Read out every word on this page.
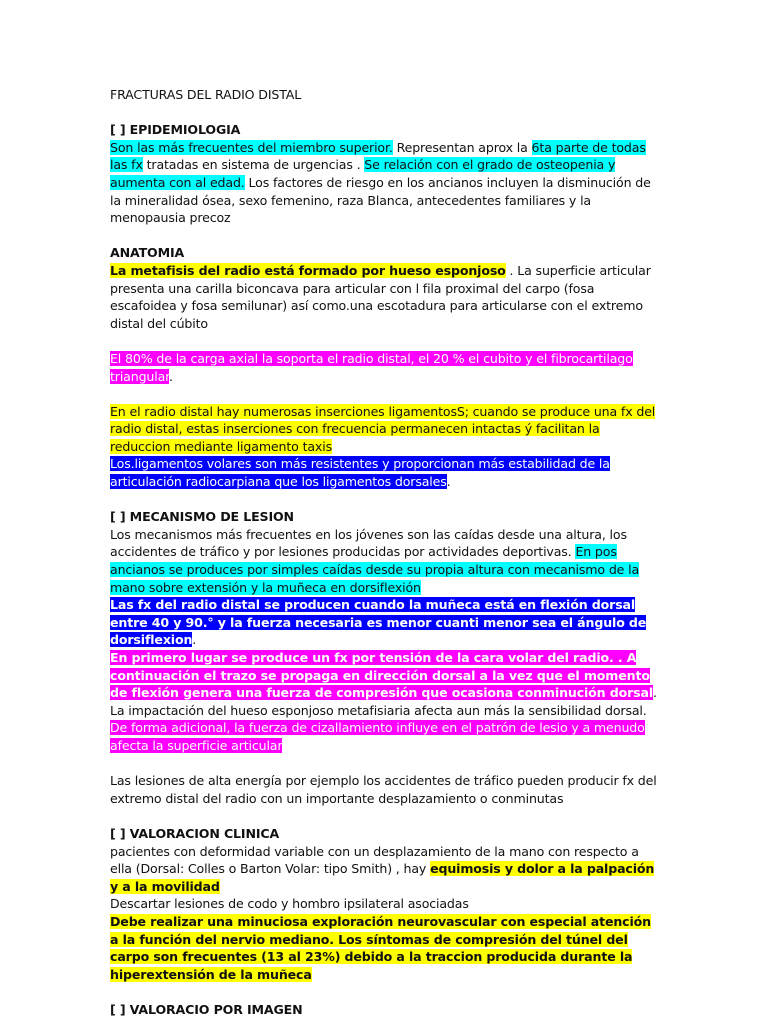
FRACTURAS DEL RADIO DISTAL

[ ] EPIDEMIOLOGIA

Son las más frecuentes del miembro superior. Representan aprox la 6ta parte de todas las fx tratadas en sistema de urgencias . Se relación con el grado de osteopenia y aumenta con al edad. Los factores de riesgo en los ancianos incluyen la disminución de la mineralidad ósea, sexo femenino, raza Blanca, antecedentes familiares y la menopausia precoz

ANATOMIA

La metafisis del radio está formado por hueso esponjoso . La superficie articular presenta una carilla biconcava para articular con l fila proximal del carpo (fosa escafoidea y fosa semilunar) así como.una escotadura para articularse con el extremo distal del cúbito

El 80% de la carga axial la soporta el radio distal, el 20 % el cubito y el fibrocartilago triangular.

En el radio distal hay numerosas inserciones ligamentosS; cuando se produce una fx del radio distal, estas inserciones con frecuencia permanecen intactas ý facilitan la reduccion mediante ligamento taxis

Los.ligamentos volares son más resistentes y proporcionan más estabilidad de la articulación radiocarpiana que los ligamentos dorsales.

[ ] MECANISMO DE LESION

Los mecanismos más frecuentes en los jóvenes son las caídas desde una altura, los accidentes de tráfico y por lesiones producidas por actividades deportivas. En pos ancianos se produces por simples caídas desde su propia altura con mecanismo de la mano sobre extensión y la muñeca en dorsiflexión

Las fx del radio distal se producen cuando la muñeca está en flexión dorsal entre 40 y 90.° y la fuerza necesaria es menor cuanti menor sea el ángulo de dorsiflexion.

En primero lugar se produce un fx por tensión de la cara volar del radio. . A continuación el trazo se propaga en dirección dorsal a la vez que el momento de flexión genera una fuerza de compresión que ocasiona conminución dorsal. La impactación del hueso esponjoso metafisiaria afecta aun más la sensibilidad dorsal. De forma adicional, la fuerza de cizallamiento influye en el patrón de lesio y a menudo afecta la superficie articular

Las lesiones de alta energía por ejemplo los accidentes de tráfico pueden producir fx del extremo distal del radio con un importante desplazamiento o conminutas

[ ] VALORACION CLINICA

pacientes con deformidad variable con un desplazamiento de la mano con respecto a ella (Dorsal: Colles o Barton Volar: tipo Smith) , hay equimosis y dolor a la palpación y a la movilidad

Descartar lesiones de codo y hombro ipsilateral asociadas

Debe realizar una minuciosa exploración neurovascular con especial atención a la función del nervio mediano. Los síntomas de compresión del túnel del carpo son frecuentes (13 al 23%) debido a la traccion producida durante la hiperextensión de la muñeca

[ ] VALORACIO POR IMAGEN
